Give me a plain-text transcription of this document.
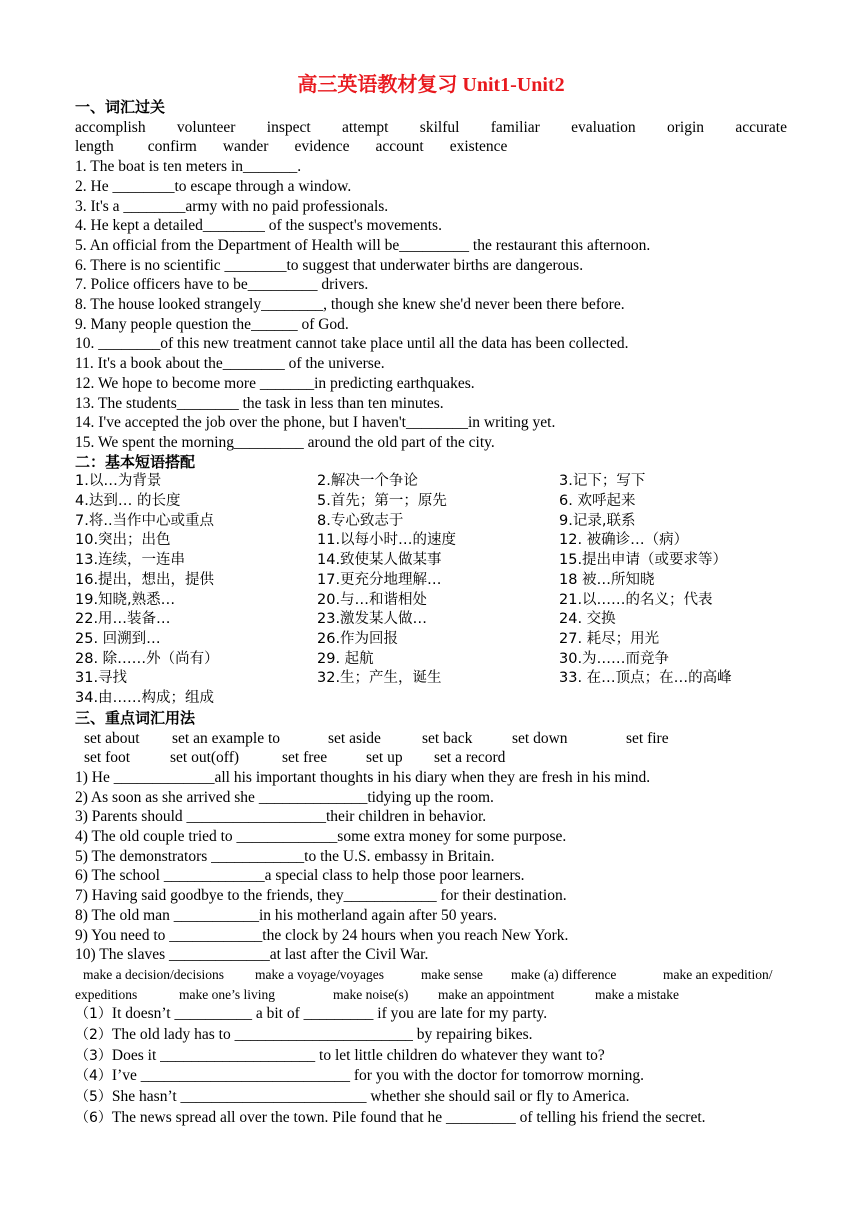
高三英语教材复习 Unit1-Unit2
一、词汇过关
accomplish volunteer inspect attempt skilful familiar evaluation origin accurate
length confirm wander evidence account existence
1. The boat is ten meters in_______.
2. He ________to escape through a window.
3. It's a ________army with no paid professionals.
4. He kept a detailed________ of the suspect's movements.
5. An official from the Department of Health will be_________ the restaurant this afternoon.
6. There is no scientific ________to suggest that underwater births are dangerous.
7. Police officers have to be_________ drivers.
8. The house looked strangely________, though she knew she'd never been there before.
9. Many people question the______ of God.
10. ________of this new treatment cannot take place until all the data has been collected.
11. It's a book about the________ of the universe.
12. We hope to become more _______in predicting earthquakes.
13. The students________ the task in less than ten minutes.
14. I've accepted the job over the phone, but I haven't________in writing yet.
15. We spent the morning_________ around the old part of the city.
二：基本短语搭配
1.以…为背景	2.解决一个争论	3.记下；写下
4.达到… 的长度	5.首先；第一；原先	6. 欢呼起来
7.将..当作中心或重点	8.专心致志于	9.记录,联系
10.突出；出色	11.以每小时…的速度	12. 被确诊…（病）
13.连续，一连串	14.致使某人做某事	15.提出申请（或要求等）
16.提出，想出，提供	17.更充分地理解…	18 被…所知晓
19.知晓,熟悉…	20.与…和谐相处	21.以……的名义；代表
22.用…装备…	23.激发某人做…	24. 交换
25. 回溯到…	26.作为回报	27. 耗尽；用光
28. 除……外（尚有）	29. 起航	30.为……而竞争
31.寻找	32.生；产生，诞生	33. 在…顶点；在…的高峰
34.由……构成；组成
三、重点词汇用法
set about set an example to	set aside	set back	set down	set fire
set foot	set out(off)	set free	set up set a record
1) He _____________all his important thoughts in his diary when they are fresh in his mind.
2) As soon as she arrived she ______________tidying up the room.
3) Parents should __________________their children in behavior.
4) The old couple tried to _____________some extra money for some purpose.
5) The demonstrators ____________to the U.S. embassy in Britain.
6) The school _____________a special class to help those poor learners.
7) Having said goodbye to the friends, they____________ for their destination.
8) The old man ___________in his motherland again after 50 years.
9) You need to ____________the clock by 24 hours when you reach New York.
10) The slaves _____________at last after the Civil War.
make a decision/decisions make a voyage/voyages	make sense make (a) difference	make an expedition/
expeditions	make one’s living	make noise(s) make an appointment	make a mistake
（1）It doesn’t __________ a bit of _________ if you are late for my party.
（2）The old lady has to _______________________ by repairing bikes.
（3）Does it ____________________ to let little children do whatever they want to?
（4）I’ve ___________________________ for you with the doctor for tomorrow morning.
（5）She hasn’t ________________________ whether she should sail or fly to America.
（6）The news spread all over the town. Pile found that he _________ of telling his friend the secret.
